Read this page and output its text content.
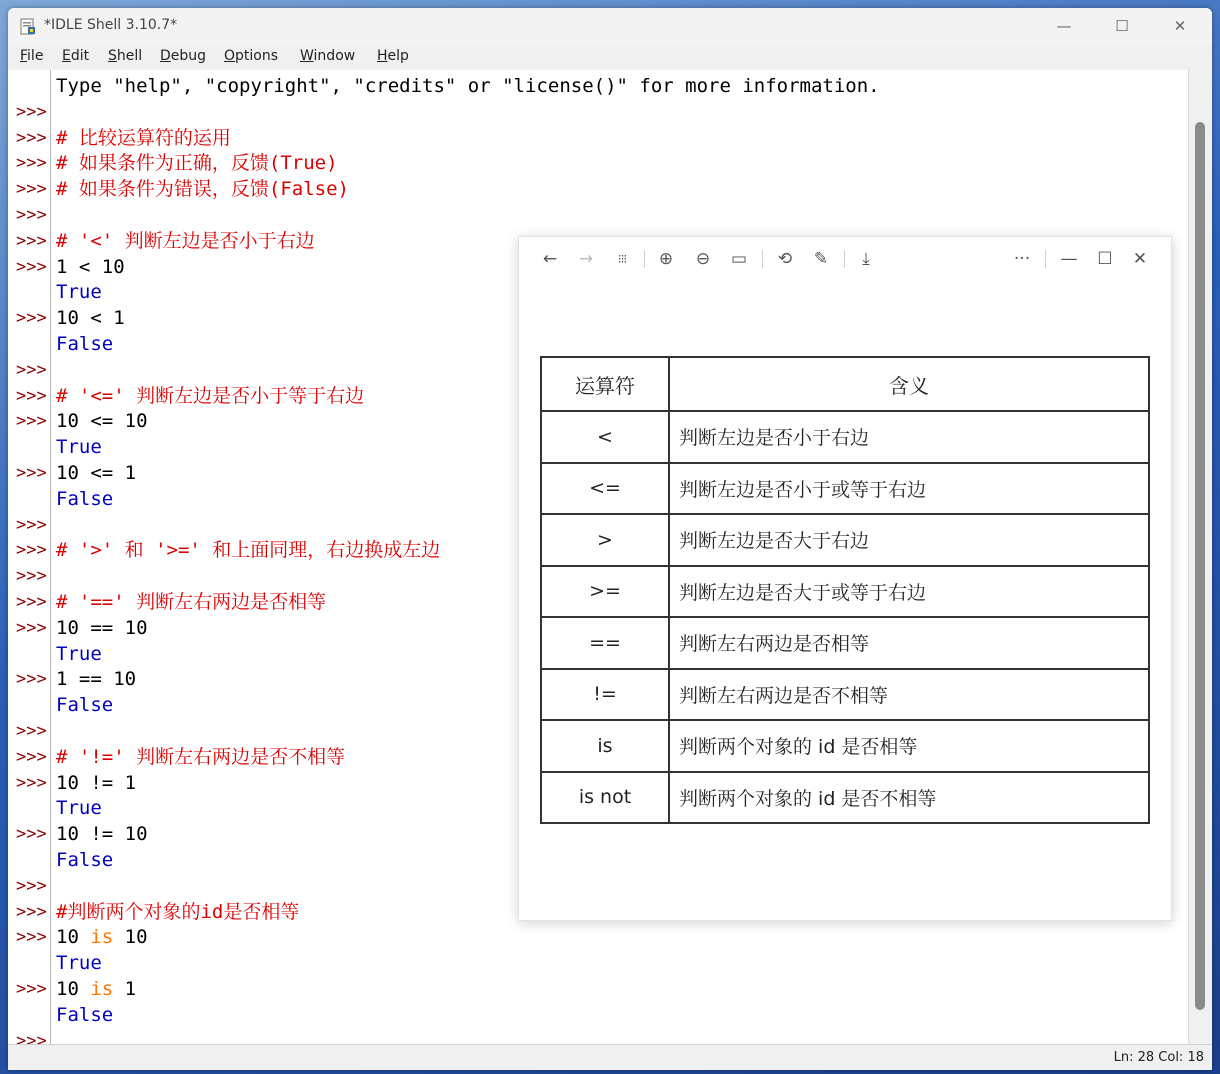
*IDLE Shell 3.10.7*	—	☐	✕
File Edit Shell Debug Options Window Help
Type "help", "copyright", "credits" or "license()" for more information.
>>>
>>> # 比较运算符的运用
>>> # 如果条件为正确，反馈(True)
>>> # 如果条件为错误，反馈(False)
>>>
>>> # '<' 判断左边是否小于右边
>>> 1 < 10
True
>>> 10 < 1
False
>>>
>>> # '<=' 判断左边是否小于等于右边
>>> 10 <= 10
True
>>> 10 <= 1
False
>>>
>>> # '>' 和 '>=' 和上面同理，右边换成左边
>>>
>>> # '==' 判断左右两边是否相等
>>> 10 == 10
True
>>> 1 == 10
False
>>>
>>> # '!=' 判断左右两边是否不相等
>>> 10 != 1
True
>>> 10 != 10
False
>>>
>>> #判断两个对象的id是否相等
>>> 10 is 10
True
>>> 10 is 1
False
>>>
Ln: 28 Col: 18
←	→	⁝⁝⁝	⊕	⊖	▭	⟲	✎	⤓	··· —	☐	✕
运算符	含义
<	判断左边是否小于右边
<=	判断左边是否小于或等于右边
>	判断左边是否大于右边
>=	判断左边是否大于或等于右边
==	判断左右两边是否相等
!=	判断左右两边是否不相等
is	判断两个对象的 id 是否相等
is not	判断两个对象的 id 是否不相等
